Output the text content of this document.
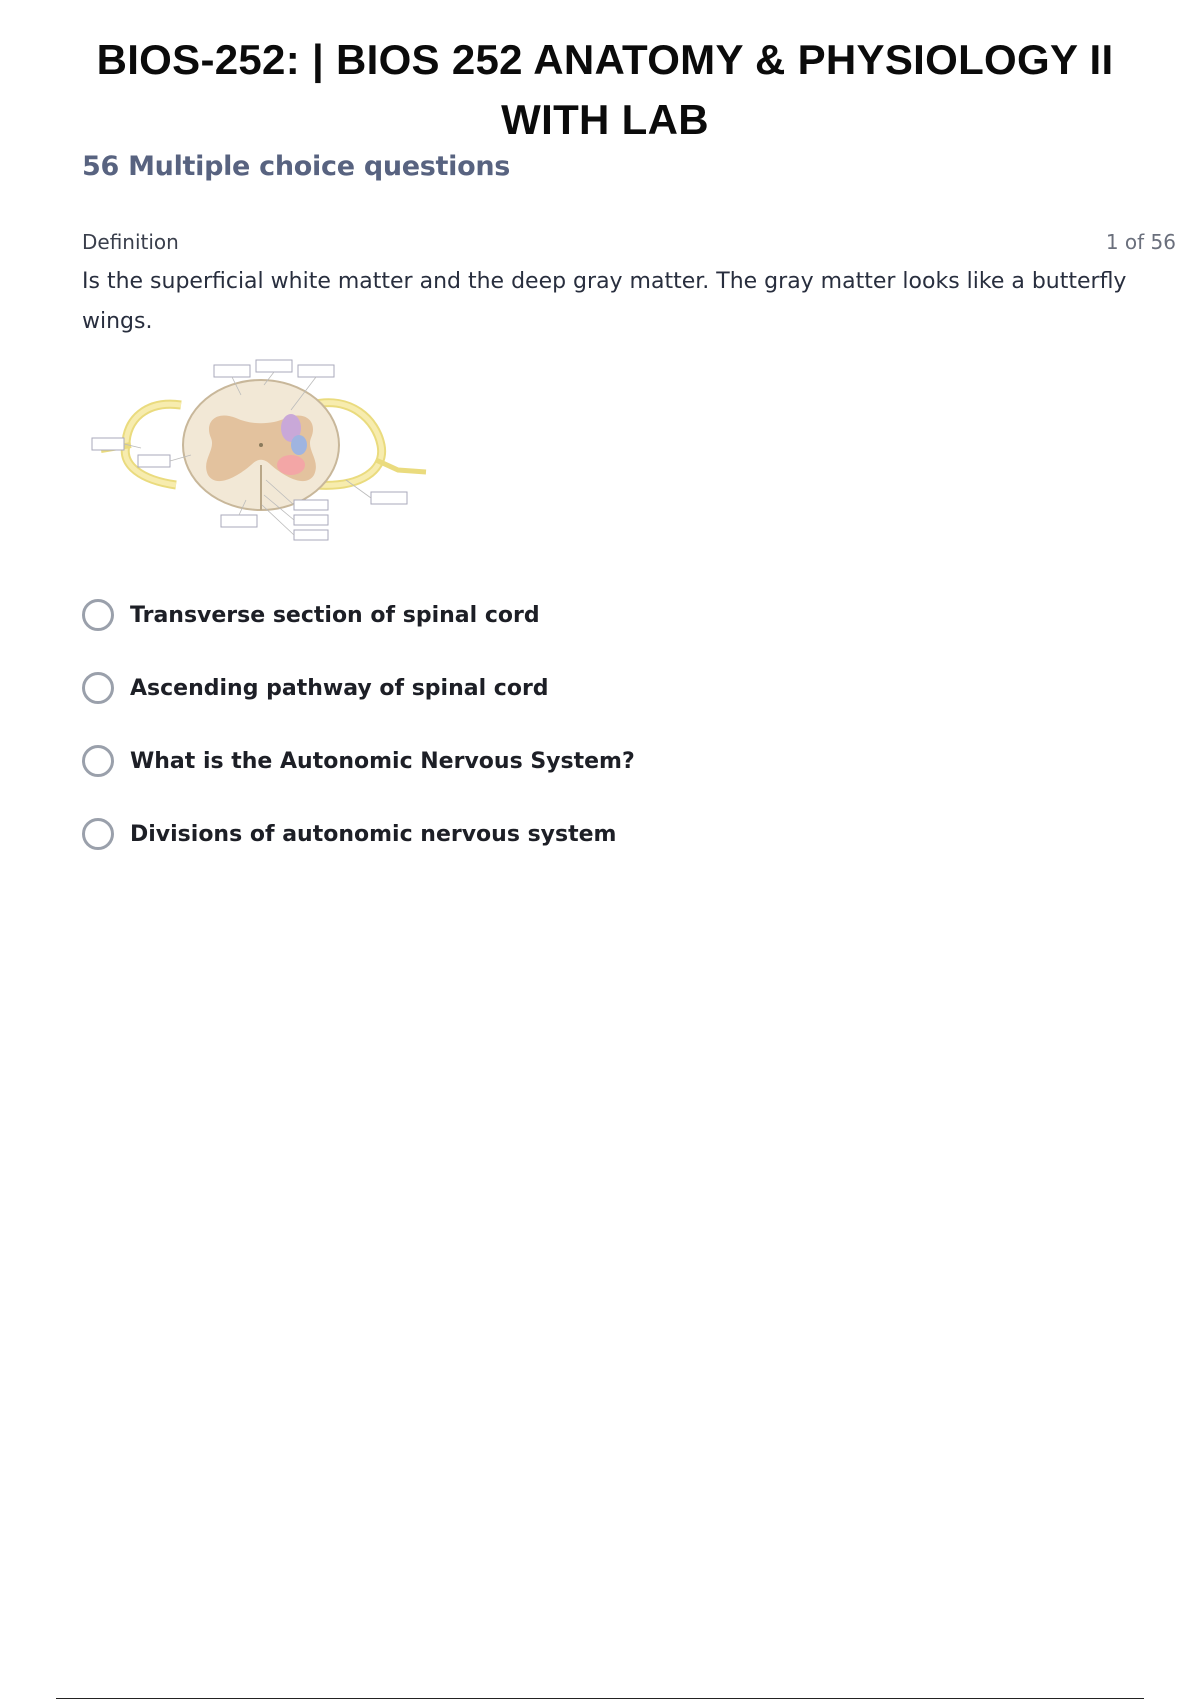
BIOS-252: | BIOS 252 ANATOMY & PHYSIOLOGY II WITH LAB
56 Multiple choice questions
Definition	1 of 56
Is the superficial white matter and the deep gray matter. The gray matter looks like a butterfly wings.
Transverse section of spinal cord
Ascending pathway of spinal cord
What is the Autonomic Nervous System?
Divisions of autonomic nervous system
